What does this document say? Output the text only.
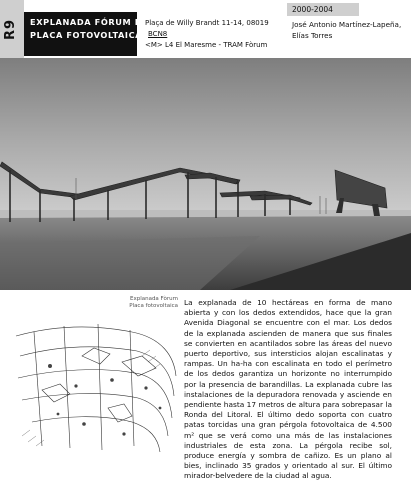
R9 EXPLANADA FÓRUM I
PLACA FOTOVOLTAICA
Plaça de Willy Brandt 11-14, 08019BCN8
<M> L4 El Maresme - TRAM Fòrum
2000-2004
José Antonio Martínez-Lapeña, Elías Torres
Explanada Fòrum
Placa fotovoltaica La explanada de 10 hectáreas en forma de mano abierta y con los dedos extendidos, hace que la gran Avenida Diagonal se encuentre con el mar. Los dedos de la explanada ascienden de manera que sus finales se convierten en acantilados sobre las áreas del nuevo puerto deportivo, sus intersticios alojan escalinatas y rampas. Un ha-ha con escalinata en todo el perímetro de los dedos garantiza un horizonte no interrumpido por la presencia de barandillas. La explanada cubre las instalaciones de la depuradora renovada y asciende en pendiente hasta 17 metros de altura para sobrepasar la Ronda del Litoral. El último dedo soporta con cuatro patas torcidas una gran pérgola fotovoltaica de 4.500 m² que se verá como una más de las instalaciones industriales de esta zona. La pérgola recibe sol, produce energía y sombra de cañizo. Es un plano al bies, inclinado 35 grados y orientado al sur. El último mirador-belvedere de la ciudad al agua.
